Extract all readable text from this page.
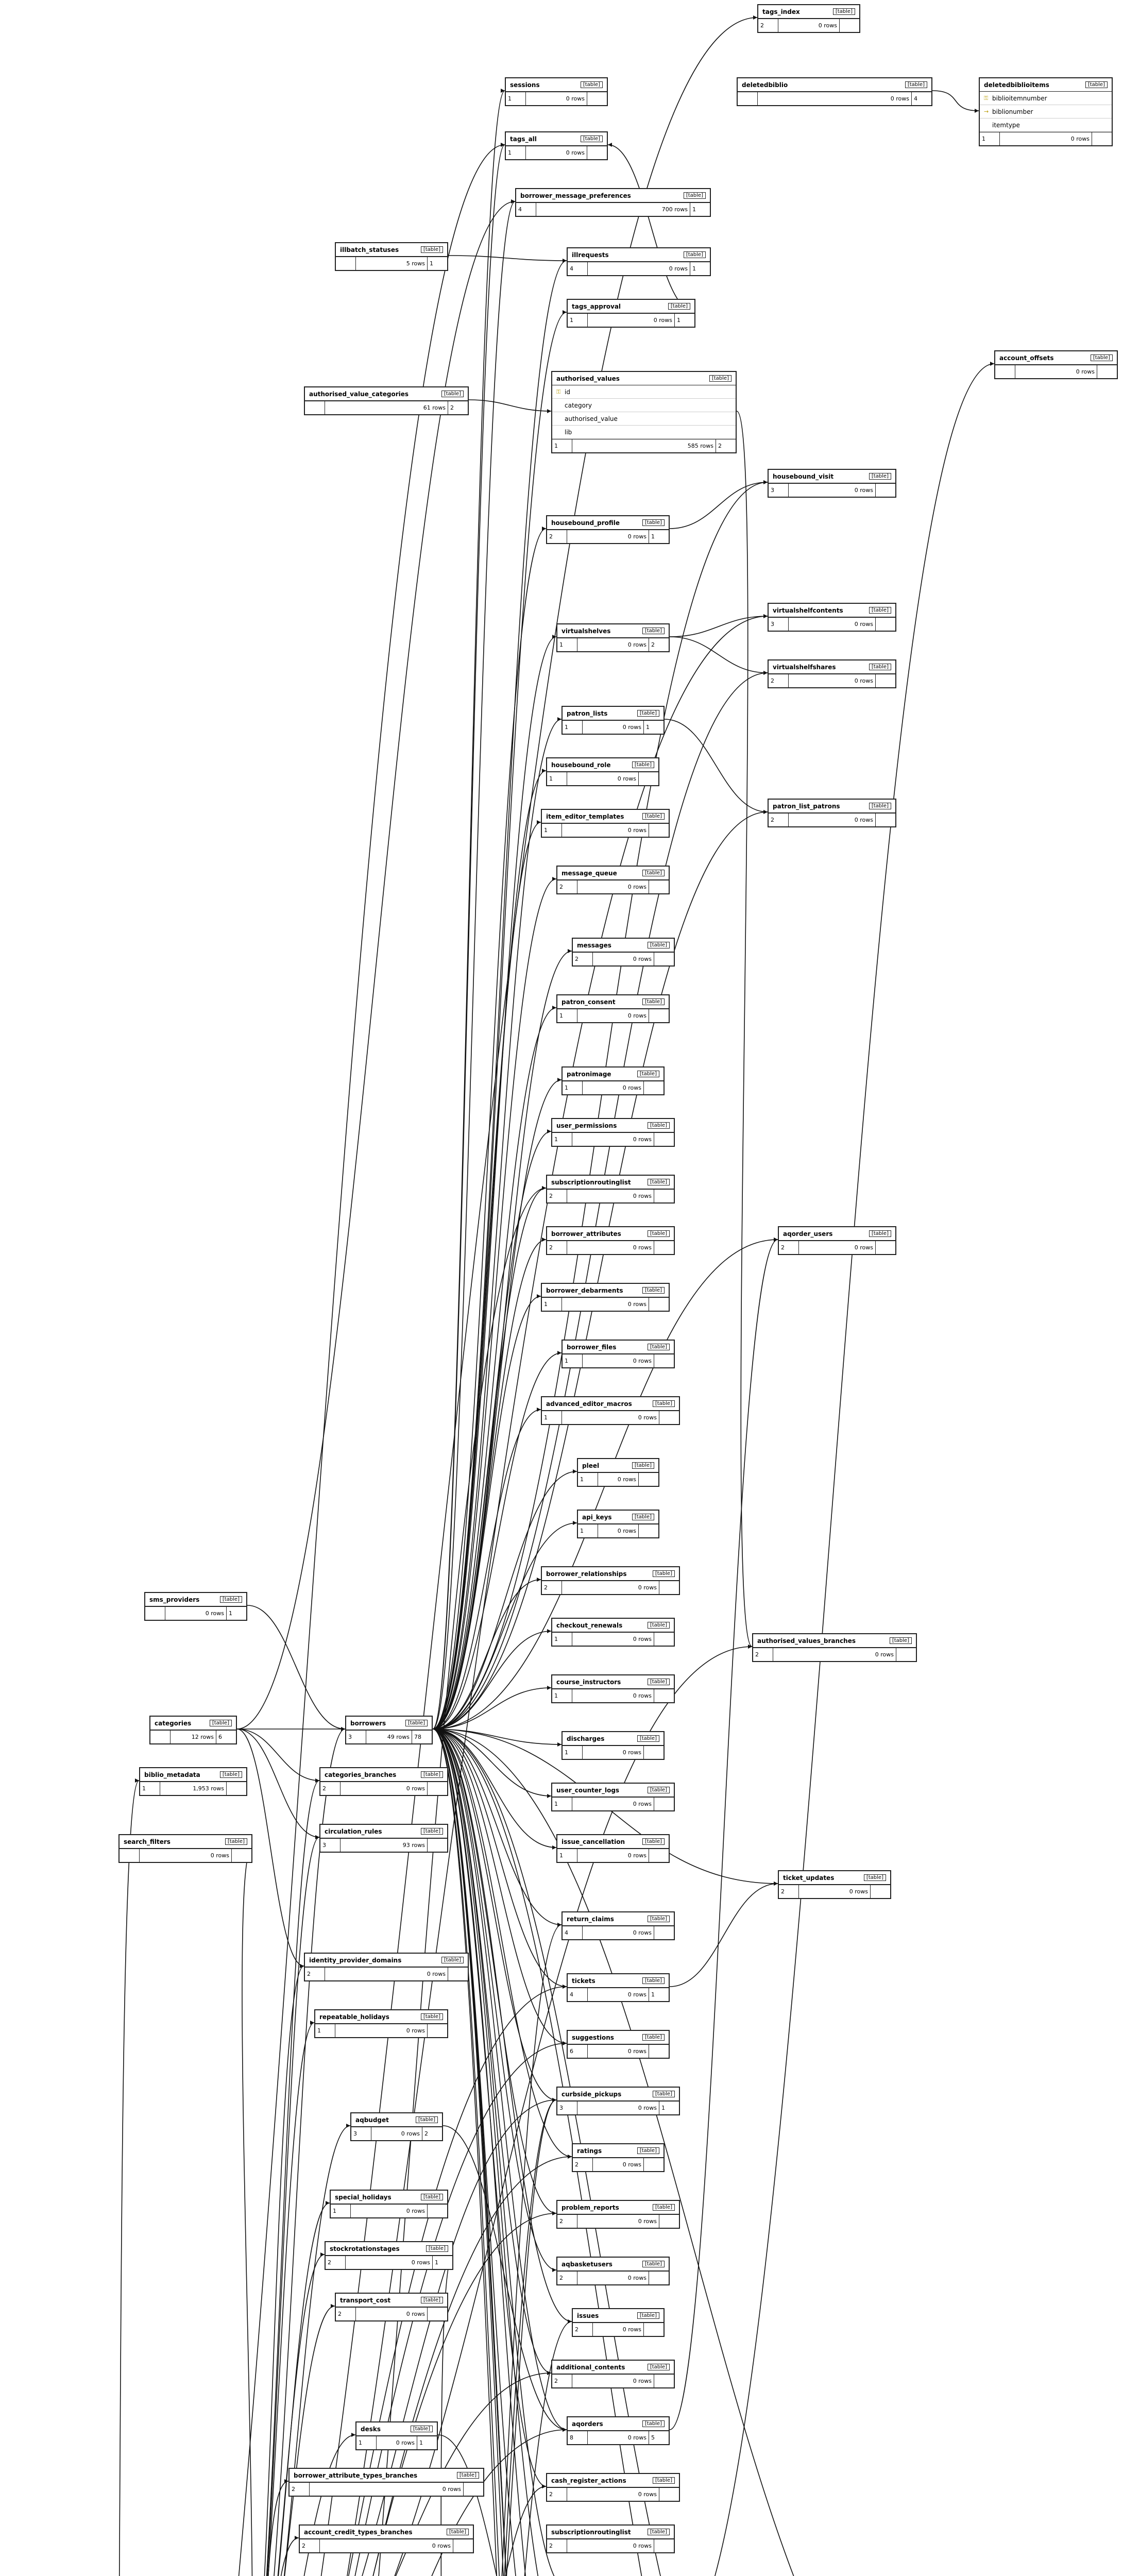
borrowers	[table]
3	49 rows 78
categories	[table]
12 rows 6
tags_index	[table]
2	0 rows
deletedbiblio	[table]
0 rows 4
sessions	[table]
1	0 rows
tags_all	[table]
1	0 rows
borrower_message_preferences	[table]
4	700 rows 1
illrequests	[table]
4	0 rows 1
tags_approval	[table]
1	0 rows 1
authorised_values	[table]
⚿ id
category
authorised_value
lib
1	585 rows 2
authorised_value_categories	[table]
61 rows 2
illbatch_statuses	[table]
5 rows 1
account_offsets	[table]
0 rows
housebound_profile	[table]
2	0 rows 1
housebound_visit	[table]
3	0 rows
virtualshelves	[table]
1	0 rows 2
virtualshelfcontents	[table]
3	0 rows
virtualshelfshares	[table]
2	0 rows
patron_lists	[table]
1	0 rows 1
patron_list_patrons	[table]
2	0 rows
housebound_role	[table]
1	0 rows
item_editor_templates	[table]
1	0 rows
message_queue	[table]
2	0 rows
messages	[table]
2	0 rows
patron_consent	[table]
1	0 rows
patronimage	[table]
1	0 rows
user_permissions	[table]
1	0 rows
subscriptionroutinglist	[table]
2	0 rows
borrower_attributes	[table]
2	0 rows
aqorder_users	[table]
2	0 rows
borrower_debarments	[table]
1	0 rows
borrower_files	[table]
1	0 rows
advanced_editor_macros	[table]
1	0 rows
pleel	[table]
1	0 rows
api_keys	[table]
1	0 rows
borrower_relationships	[table]
2	0 rows
checkout_renewals	[table]
1	0 rows	authorised_values_branches	[table]
2	0 rows
course_instructors	[table]
1	0 rows
discharges	[table]
1	0 rows
user_counter_logs	[table]
1	0 rows
issue_cancellation	[table]
1	0 rows
ticket_updates	[table]
2	0 rows
return_claims	[table]
4	0 rows
tickets	[table]
4	0 rows 1
suggestions	[table]
6	0 rows
curbside_pickups	[table]
3	0 rows 1
ratings	[table]
2	0 rows
problem_reports	[table]
2	0 rows
aqbasketusers	[table]
2	0 rows
issues	[table]
2	0 rows
additional_contents	[table]
2	0 rows
aqorders	[table]
8	0 rows 5
cash_register_actions	[table]
2	0 rows
subscriptionroutinglist	[table]
2	0 rows
search_filters	[table]
0 rows
desks	[table]
1	0 rows 1
borrower_attribute_types_branches	[table]
2	0 rows
account_credit_types_branches	[table]
2	0 rows
identity_provider_domains	[table]
2	0 rows
repeatable_holidays	[table]
1	0 rows
aqbudget	[table]
3	0 rows 2
special_holidays	[table]
1	0 rows
stockrotationstages	[table]
2	0 rows 1
transport_cost	[table]
2	0 rows
categories_branches	[table]
2	0 rows
circulation_rules	[table]
3	93 rows
sms_providers	[table]
0 rows 1
biblio_metadata	[table]
1	1,953 rows
deletedbiblioitems	[table]
⚿ biblioitemnumber
→ biblionumber
itemtype
1	0 rows
